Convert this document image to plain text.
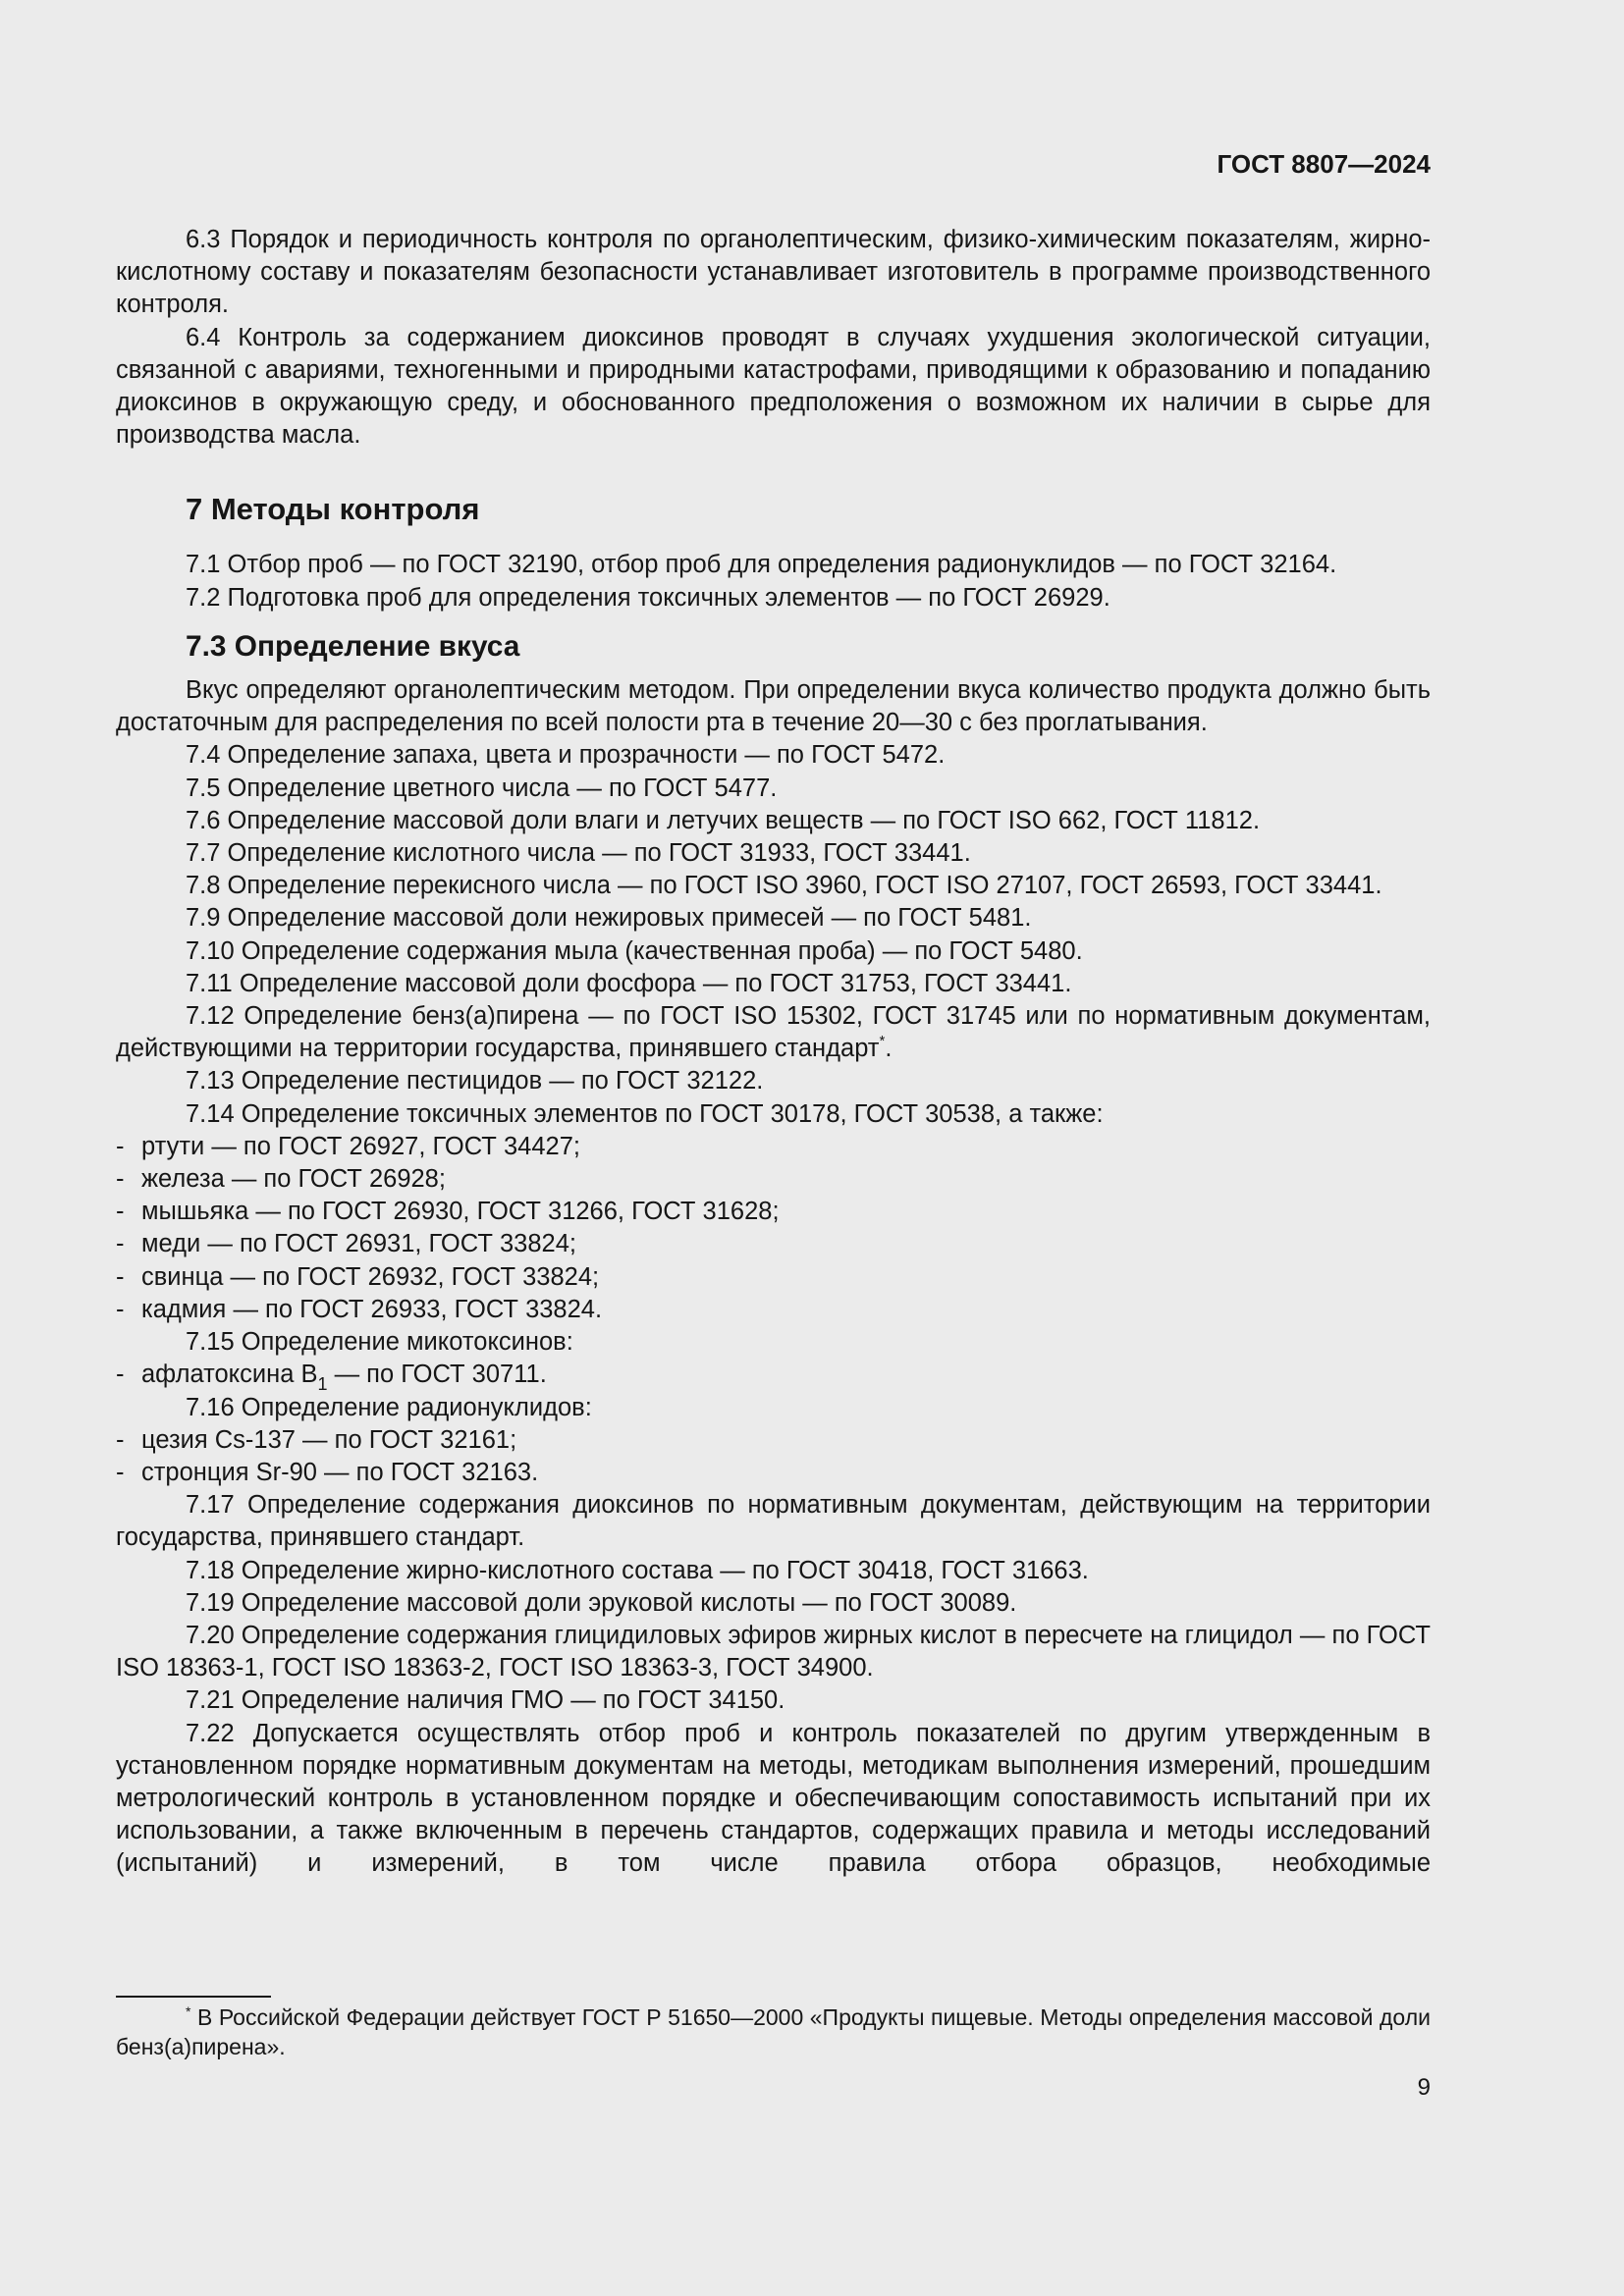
ГОСТ 8807—2024

6.3 Порядок и периодичность контроля по органолептическим, физико-химическим показателям, жирно-кислотному составу и показателям безопасности устанавливает изготовитель в программе производственного контроля.

6.4 Контроль за содержанием диоксинов проводят в случаях ухудшения экологической ситуации, связанной с авариями, техногенными и природными катастрофами, приводящими к образованию и попаданию диоксинов в окружающую среду, и обоснованного предположения о возможном их наличии в сырье для производства масла.

7 Методы контроля

7.1 Отбор проб — по ГОСТ 32190, отбор проб для определения радионуклидов — по ГОСТ 32164.

7.2 Подготовка проб для определения токсичных элементов — по ГОСТ 26929.

7.3 Определение вкуса

Вкус определяют органолептическим методом. При определении вкуса количество продукта должно быть достаточным для распределения по всей полости рта в течение 20—30 с без проглатывания.

7.4 Определение запаха, цвета и прозрачности — по ГОСТ 5472.

7.5 Определение цветного числа — по ГОСТ 5477.

7.6 Определение массовой доли влаги и летучих веществ — по ГОСТ ISO 662, ГОСТ 11812.

7.7 Определение кислотного числа — по ГОСТ 31933, ГОСТ 33441.

7.8 Определение перекисного числа — по ГОСТ ISO 3960, ГОСТ ISO 27107, ГОСТ 26593, ГОСТ 33441.

7.9 Определение массовой доли нежировых примесей — по ГОСТ 5481.

7.10 Определение содержания мыла (качественная проба) — по ГОСТ 5480.

7.11 Определение массовой доли фосфора — по ГОСТ 31753, ГОСТ 33441.

7.12 Определение бенз(а)пирена — по ГОСТ ISO 15302, ГОСТ 31745 или по нормативным документам, действующими на территории государства, принявшего стандарт*.

7.13 Определение пестицидов — по ГОСТ 32122.

7.14 Определение токсичных элементов по ГОСТ 30178, ГОСТ 30538, а также:

- ртути — по ГОСТ 26927, ГОСТ 34427;

- железа — по ГОСТ 26928;

- мышьяка — по ГОСТ 26930, ГОСТ 31266, ГОСТ 31628;

- меди — по ГОСТ 26931, ГОСТ 33824;

- свинца — по ГОСТ 26932, ГОСТ 33824;

- кадмия — по ГОСТ 26933, ГОСТ 33824.

7.15 Определение микотоксинов:

- афлатоксина $B_1$ — по ГОСТ 30711.

7.16 Определение радионуклидов:

- цезия Cs-137 — по ГОСТ 32161;

- стронция Sr-90 — по ГОСТ 32163.

7.17 Определение содержания диоксинов по нормативным документам, действующим на территории государства, принявшего стандарт.

7.18 Определение жирно-кислотного состава — по ГОСТ 30418, ГОСТ 31663.

7.19 Определение массовой доли эруковой кислоты — по ГОСТ 30089.

7.20 Определение содержания глицидиловых эфиров жирных кислот в пересчете на глицидол — по ГОСТ ISO 18363-1, ГОСТ ISO 18363-2, ГОСТ ISO 18363-3, ГОСТ 34900.

7.21 Определение наличия ГМО — по ГОСТ 34150.

7.22 Допускается осуществлять отбор проб и контроль показателей по другим утвержденным в установленном порядке нормативным документам на методы, методикам выполнения измерений, прошедшим метрологический контроль в установленном порядке и обеспечивающим сопоставимость испытаний при их использовании, а также включенным в перечень стандартов, содержащих правила и методы исследований (испытаний) и измерений, в том числе правила отбора образцов, необходимые

* В Российской Федерации действует ГОСТ Р 51650—2000 «Продукты пищевые. Методы определения массовой доли бенз(а)пирена».

9
